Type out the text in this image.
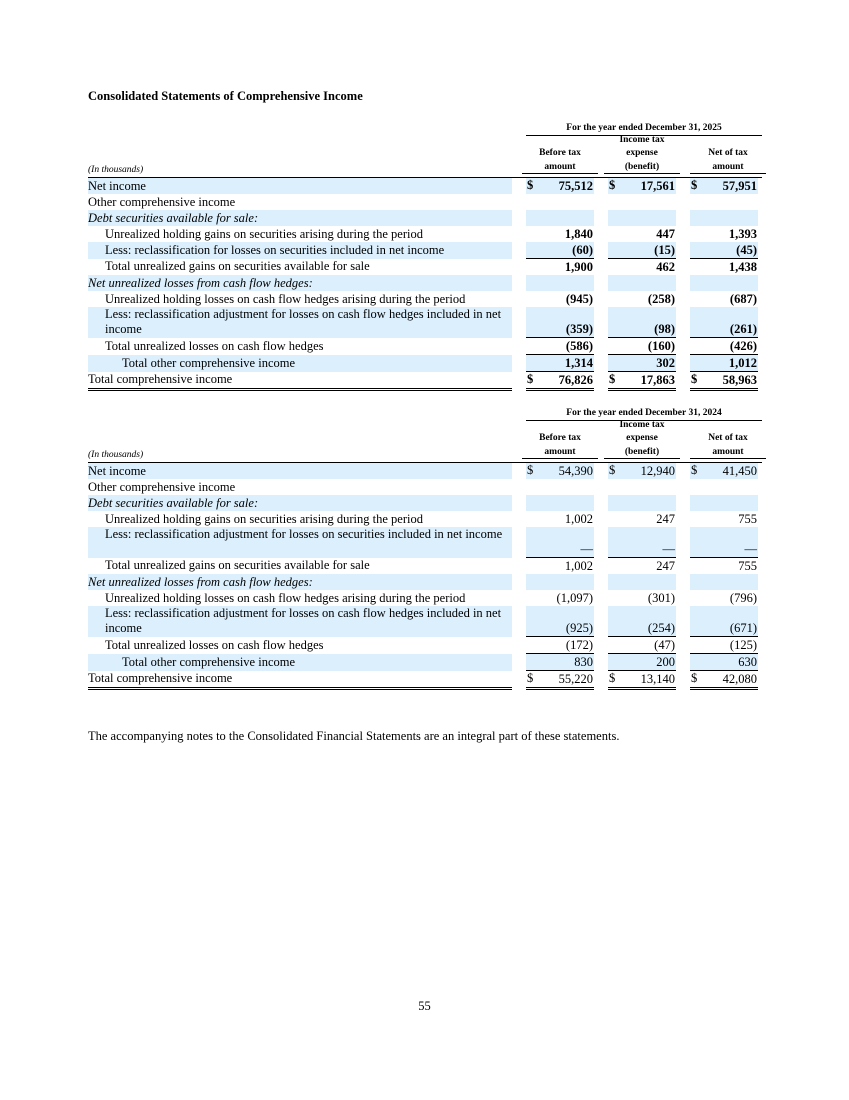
Consolidated Statements of Comprehensive Income
For the year ended December 31, 2025
Before tax
amount
Income tax
expense
(benefit)
Net of tax
amount
(In thousands)
Net income		$ 75,512		$ 17,561		$ 57,951	

Other comprehensive income		

Debt securities available for sale:		

Unrealized holding gains on securities arising during the period		1,840		447		1,393	

Less: reclassification for losses on securities included in net income		(60)		(15)		(45)	

Total unrealized gains on securities available for sale		1,900		462		1,438	

Net unrealized losses from cash flow hedges:		

Unrealized holding losses on cash flow hedges arising during the period		(945)		(258)		(687)	

Less: reclassification adjustment for losses on cash flow hedges included in net income		(359)		(98)		(261)	

Total unrealized losses on cash flow hedges		(586)		(160)		(426)	

Total other comprehensive income		1,314		302		1,012	

Total comprehensive income		$ 76,826		$ 17,863		$ 58,963	

For the year ended December 31, 2024
Before tax
amount
Income tax
expense
(benefit)
Net of tax
amount
(In thousands)
Net income		$ 54,390		$ 12,940		$ 41,450	

Other comprehensive income		

Debt securities available for sale:		

Unrealized holding gains on securities arising during the period		1,002		247		755	

Less: reclassification adjustment for losses on securities included in net income		—		—		—	

Total unrealized gains on securities available for sale		1,002		247		755	

Net unrealized losses from cash flow hedges:		

Unrealized holding losses on cash flow hedges arising during the period		(1,097)		(301)		(796)	

Less: reclassification adjustment for losses on cash flow hedges included in net income		(925)		(254)		(671)	

Total unrealized losses on cash flow hedges		(172)		(47)		(125)	

Total other comprehensive income		830		200		630	

Total comprehensive income		$ 55,220		$ 13,140		$ 42,080	

The accompanying notes to the Consolidated Financial Statements are an integral part of these statements.
55
